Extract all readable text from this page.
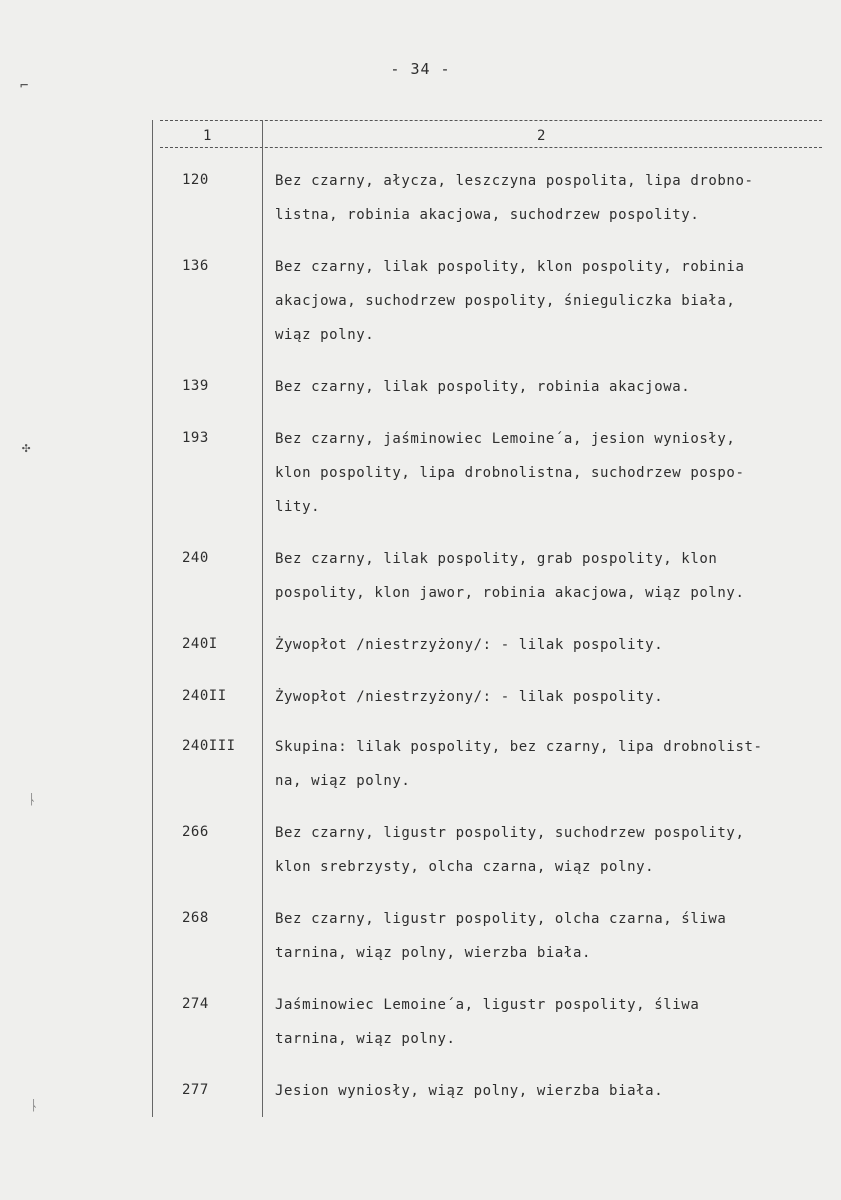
- 34 -
1	2
120	Bez czarny, ałycza, leszczyna pospolita, lipa drobno-
listna, robinia akacjowa, suchodrzew pospolity.
136	Bez czarny, lilak pospolity, klon pospolity, robinia
akacjowa, suchodrzew pospolity, śnieguliczka biała,
wiąz polny.
139	Bez czarny, lilak pospolity, robinia akacjowa.
193	Bez czarny, jaśminowiec Lemoine´a, jesion wyniosły,
klon pospolity, lipa drobnolistna, suchodrzew pospo-
lity.
240	Bez czarny, lilak pospolity, grab pospolity, klon
pospolity, klon jawor, robinia akacjowa, wiąz polny.
240I	Żywopłot /niestrzyżony/: - lilak pospolity.
240II	Żywopłot /niestrzyżony/: - lilak pospolity.
240III	Skupina: lilak pospolity, bez czarny, lipa drobnolist-
na, wiąz polny.
266	Bez czarny, ligustr pospolity, suchodrzew pospolity,
klon srebrzysty, olcha czarna, wiąz polny.
268	Bez czarny, ligustr pospolity, olcha czarna, śliwa
tarnina, wiąz polny, wierzba biała.
274	Jaśminowiec Lemoine´a, ligustr pospolity, śliwa
tarnina, wiąz polny.
277	Jesion wyniosły, wiąz polny, wierzba biała.
⌐
✣
ᚿ
ᚿ
